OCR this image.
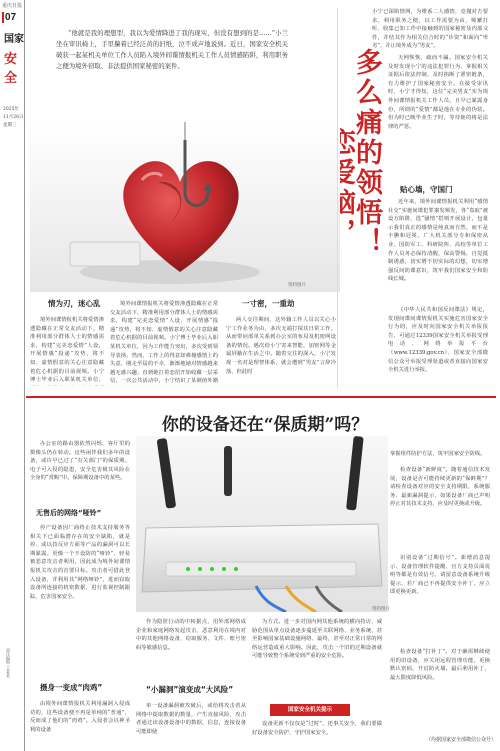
重庆日报
07
国家
安全
2025年
11月26日
星期三
责任编辑 王某某
“他就是我的理想型，我以为爱情降进了我的现实，但没有想到的是……”小兰坐在审讯椅上，手里攥着已经泛黄的旧纸，泣不成声地说到。近日，国家安全机关破获一起某机关单位工作人员陷入境外间谍情报机关工作人员情感陷阱，利用职务之便为境外窃取、非法提供国家秘密的案件。	多么痛的领悟！
资料图片
情为刃，迷心乱
境外间谍情报机关将爱情渗透隐藏在正常交友活动下，精准利用部分群体人士的情感需求，构建“完美恋爱情”人设，开展情感“投递”攻势，将不知、虚情假意的关心注意隐藏着危心机据的目前视频。小宁博士毕业后入职某机关单位，
境外间谍情报机关将爱情渗透隐藏在正常交友活动下，精准利用部分群体人士的情感需求，构建“完美恋爱情”人设，开展情感“投递”攻势，将不知、虚情假意的关心注意隐藏着危心机据的目前视频。小宁博士毕业后入职某机关单位，因为工作能力突出，多次受到领导表扬，然而，工作上的得意却难掩感情上的失意，刚走至届的不幸，渐渐地她对情感越来越无感兴趣。直到她打着恋招开始收藏一层采信，一次公共活动中，小宁结识了某颜值外籍
一寸密，一重劫
两人交往期间，这外籍工作人员以关心小宁工作业务为由，多次无端打探其日常工作，从而带问部单关系到办公室的布局及机密网设备的情况。遇次给小宁寄来智能，加密网等金属屏蔽在生活之中。随着交往的深入，小宁发现一名对是理智体系，就会遭到“男友”言辞冷落，但此时
小宁已深陷情网，为维系二人感情，竟抛对方要求，利用职务之便，以工作需要为由，频繁打听、收集已知工作中接触到的国家秘密及内部文件，并结其作为相关信合时的“诊资”和面向“卑劣”，并让境外成为“男友”。
天网恢恢，疏而不漏。国家安全机关及时发现小宁的违法犯罪行为，掌握相关证据后依法控制，及时掐断了泄密链条，有力维护了国家秘密安全。在接受审讯时，小宁才得知，这位“完美男友”实为境外间谍情报机关工作人员，且早已暴露身份，所谓的“爱情”都是他在专业的伪装。但为时已晚毕业生于时，等待她的将是法律的严惩。
贴心墙，守国门
近年来，境外间谍情报机关利用“感情社交”实施间谍犯罪案发频发，各“盗取”被设方陷阱，选“骚情”搭则开展设计，包量示我们真正的感情是纯真而自然，而不是丰腆和冠冕，广大机关部分专和保密从业、国防军工、科研院所、高校等单位工作人员务必保持清醒，保高警惕，自觉抵制诱惑，切实增不切实际的幻想，切实增强反间防谍意识，筑牢我们国家安全和防线长城。
《中华人民共和国反间谍法》规定，发现间谍间谍情报机关实施危害国家安全行为的，应及时向国家安全机关举报报告，可通过12339国家安全机关举报受理电话、网络举报平台（www.12339.gov.cn）、国家安全部微信公众号举报受理渠道或者直接向国家安全机关进行举报。
你的设备还在“保质期”吗？
办公室的路由器依然闪烁，客厅里的摄像头仍在转动。这些闲伴我们多年的设备，或许早已过了“有关部门”的保质期。电子可入侵的隐患，安全危害极其风险在全身的“赏赐”中。保障期设备中的某些。
无售后的网络“哑铃”
停产设备因厂商终止技术支持服务等相关下已面临潜存在的安全缺陷，就是停、或以技反应方面等产品的漏洞可以长期暴露。更像一个不设防的“哑铃”，轻易被恶意攻击者利用，因此成为境外间谍情报机关攻击的首要目标。攻击者可借此登入设备，并利用其“网络哑铃”，进而窃取设备所连接的机密数据，进行监视控制跟踪，危害国家安全。
摄身一变成“肉鸡”
由境外间谍情报机关利用漏洞入侵成功的，这些设备便不再是单纯的“普通”，反而成了他们的“肉鸡”。入侵者会以神圣利的设备
资料图片
作为隐匿行动的中转据点，用外部网络成企业和家庭网络发起攻击，恶意利用在境内对中的其他网络设备，窃取服务、文件、账号密码等敏感信息。
“小漏洞”演变成“大风险”
单一设备漏洞被攻破后，或给将攻击者从网络中提取数据的数量，产生直接风险，攻击者通过该设备设备中的数据，信息，连接设备可能即使
为方式。进一步对国内网其他系统的横向持访，威胁范围从单点设备逐步蔓延至关联网络、业务系统、甚至影响国家基础设施网络、最终，甚至对正常日常的网络运营造成重大影响。因此，攻击一个旧的过期设备就可能导致整个系统受到严重的安全危险。
国家安全机关提示
设备更新不仅仅是“过时”，还事关安全，我们要做好设备安全防护，守护国家安全。
掌握组件防护方法，筑牢国家安全防线。
检查设备“新鲜度”。随着通信技术发展，设备是否可能持续更新的“保鲜期”？请检查设备对应的安全支持期限，系统服务，最新漏洞提示，如果设备厂商已声明停止对其技术支持，应及时更换或升级。
识别设备“过期信号”。新增消息提示、设备管理软件提醒、官方支持页面说明等都是有效信号。请留意设备系统升级提示，若厂商已不再提供安全补丁，应立即更换更新。
检查设备“打补丁”。对于确需继续使用的旧设备，应关闭远程管理功能，更换默认密码，开启防火墙，最后利用补丁，最大限度降低风险。
（均据国家安全部微信公众号）
